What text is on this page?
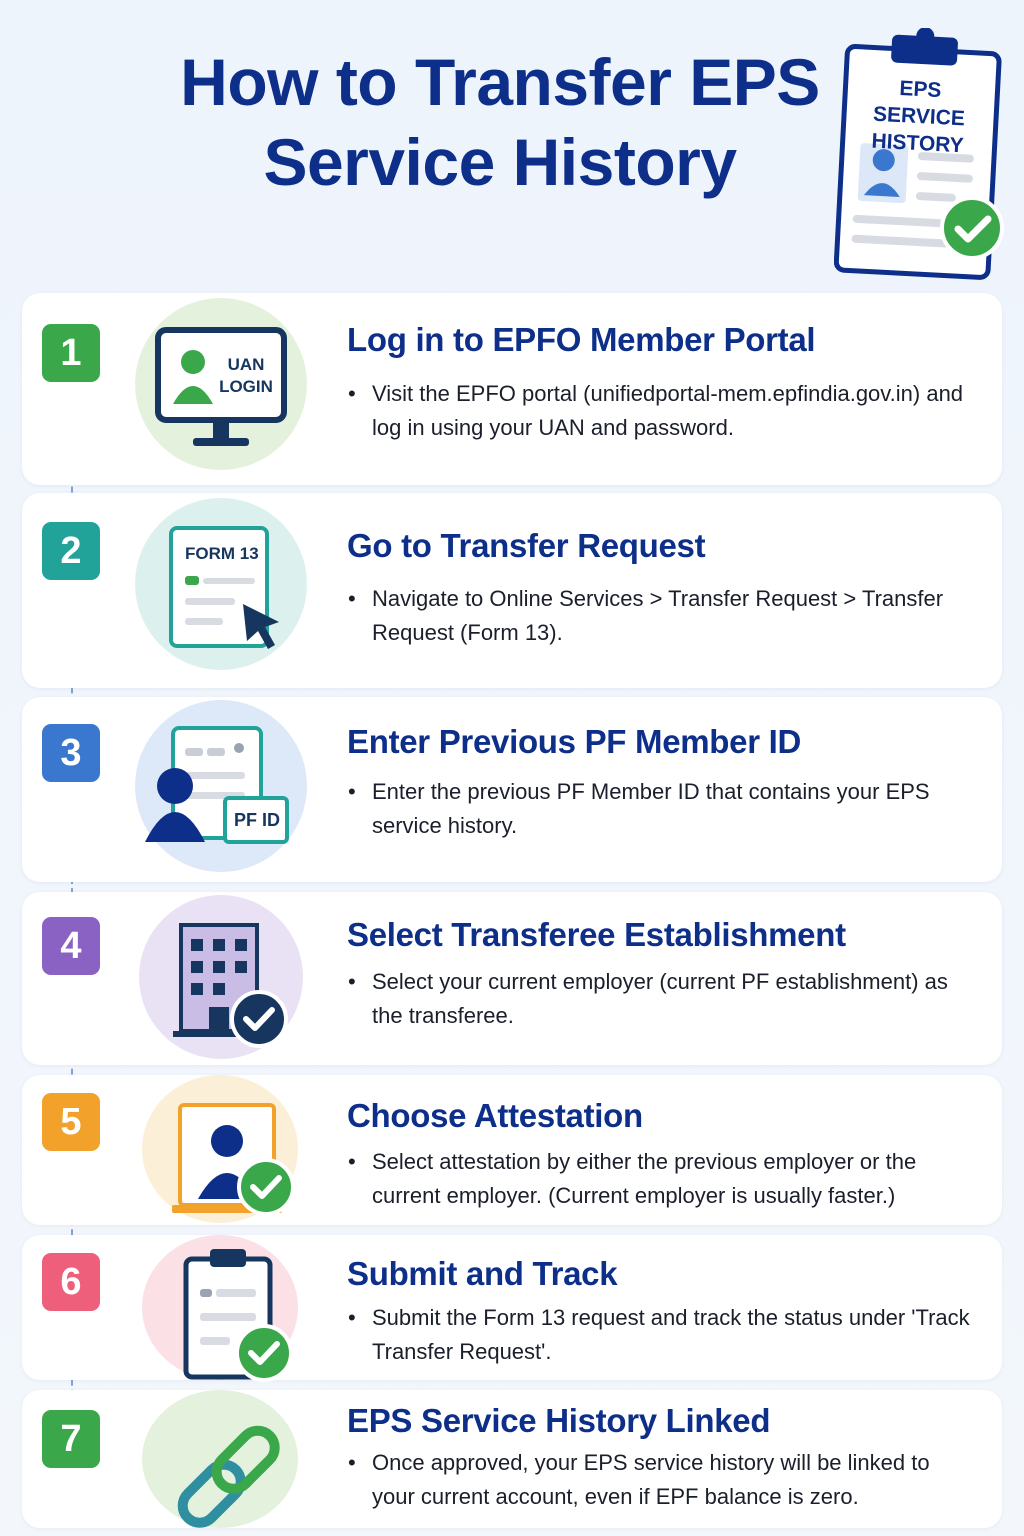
How to Transfer EPS
Service History
EPS SERVICE
HISTORY
1	UAN
LOGIN
Log in to EPFO Member Portal
• Visit the EPFO portal (unifiedportal-mem.epfindia.gov.in) and log in using your UAN and password.
2	FORM 13	Go to Transfer Request
• Navigate to Online Services > Transfer Request > Transfer Request (Form 13).
3
PF ID
Enter Previous PF Member ID
• Enter the previous PF Member ID that contains your EPS service history.
4	Select Transferee Establishment
• Select your current employer (current PF establishment) as the transferee.
5	Choose Attestation
• Select attestation by either the previous employer or the current employer. (Current employer is usually faster.)
6	Submit and Track
• Submit the Form 13 request and track the status under 'Track Transfer Request'.
7	EPS Service History Linked
• Once approved, your EPS service history will be linked to your current account, even if EPF balance is zero.
